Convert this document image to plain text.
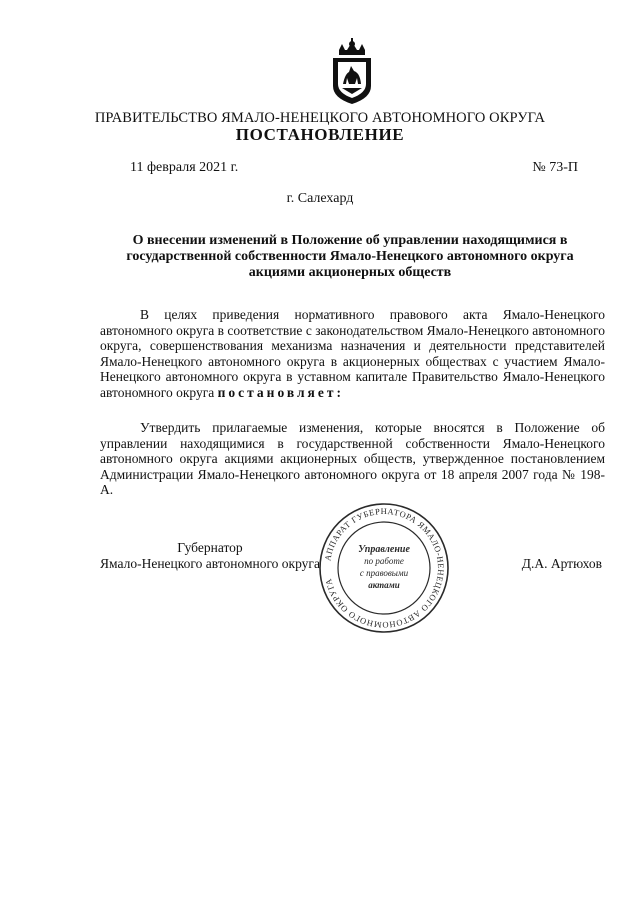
ПРАВИТЕЛЬСТВО ЯМАЛО-НЕНЕЦКОГО АВТОНОМНОГО ОКРУГА
ПОСТАНОВЛЕНИЕ
11 февраля 2021 г.	№ 73-П
г. Салехард
О внесении изменений в Положение об управлении находящимися в государственной собственности Ямало-Ненецкого автономного округа акциями акционерных обществ
В целях приведения нормативного правового акта Ямало-Ненецкого автономного округа в соответствие с законодательством Ямало-Ненецкого автономного округа, совершенствования механизма назначения и деятельности представителей Ямало-Ненецкого автономного округа в акционерных обществах с участием Ямало-Ненецкого автономного округа в уставном капитале Правительство Ямало-Ненецкого автономного округа постановляет:
Утвердить прилагаемые изменения, которые вносятся в Положение об управлении находящимися в государственной собственности Ямало-Ненецкого автономного округа акциями акционерных обществ, утвержденное постановлением Администрации Ямало-Ненецкого автономного округа от 18 апреля 2007 года № 198-А.
Губернатор
Ямало-Ненецкого автономного округа	Д.А. Артюхов
АППАРАТ ГУБЕРНАТОРА ЯМАЛО-НЕНЕЦКОГО АВТОНОМНОГО ОКРУГА
Управление
по работе
с правовыми
актами
